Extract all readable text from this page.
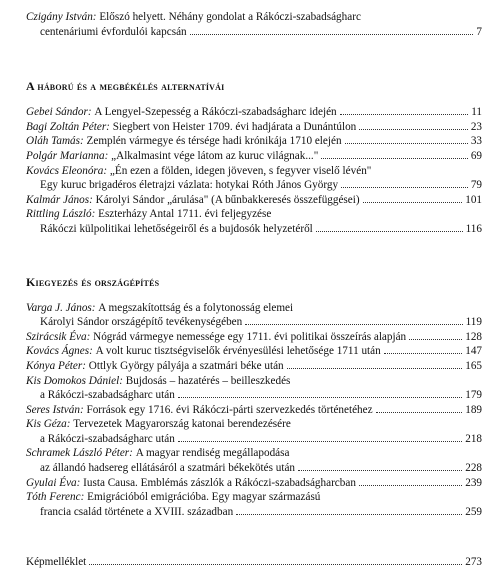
Czigány István:
Előszó helyett. Néhány gondolat a Rákóczi-szabadságharc
centenáriumi évfordulói kapcsán	7
A háború és a megbékélés alternatívái
Gebei Sándor:
A Lengyel-Szepesség a Rákóczi-szabadságharc idején	11
Bagi Zoltán Péter:
Siegbert von Heister 1709. évi hadjárata a Dunántúlon	23
Oláh Tamás:
Zemplén vármegye és térsége hadi krónikája 1710 elején	33
Polgár Marianna:
„Alkalmasint vége látom az kuruc világnak..."	69
Kovács Eleonóra:
„Én ezen a földen, idegen jöveven, s fegyver viselő lévén"
Egy kuruc brigadéros életrajzi vázlata: hotykai Róth János György	79
Kalmár János:
Károlyi Sándor „árulása" (A bűnbakkeresés összefüggései)	101
Rittling László:
Eszterházy Antal 1711. évi feljegyzése
Rákóczi külpolitikai lehetőségeiről és a bujdosók helyzetéről	116
Kiegyezés és országépítés
Varga J. János:
A megszakítottság és a folytonosság elemei
Károlyi Sándor országépítő tevékenységében	119
Szirácsik Éva:
Nógrád vármegye nemessége egy 1711. évi politikai összeírás alapján	128
Kovács Ágnes:
A volt kuruc tisztségviselők érvényesülési lehetősége 1711 után	147
Kónya Péter:
Ottlyk György pályája a szatmári béke után	165
Kis Domokos Dániel:
Bujdosás – hazatérés – beilleszkedés
a Rákóczi-szabadságharc után	179
Seres István:
Források egy 1716. évi Rákóczi-párti szervezkedés történetéhez	189
Kis Géza:
Tervezetek Magyarország katonai berendezésére
a Rákóczi-szabadságharc után	218
Schramek László Péter:
A magyar rendiség megállapodása
az állandó hadsereg ellátásáról a szatmári békekötés után	228
Gyulai Éva:
Iusta Causa. Emblémás zászlók a Rákóczi-szabadságharcban	239
Tóth Ferenc:
Emigrációból emigrációba. Egy magyar származású
francia család története a XVIII. században	259
Képmelléklet	273
